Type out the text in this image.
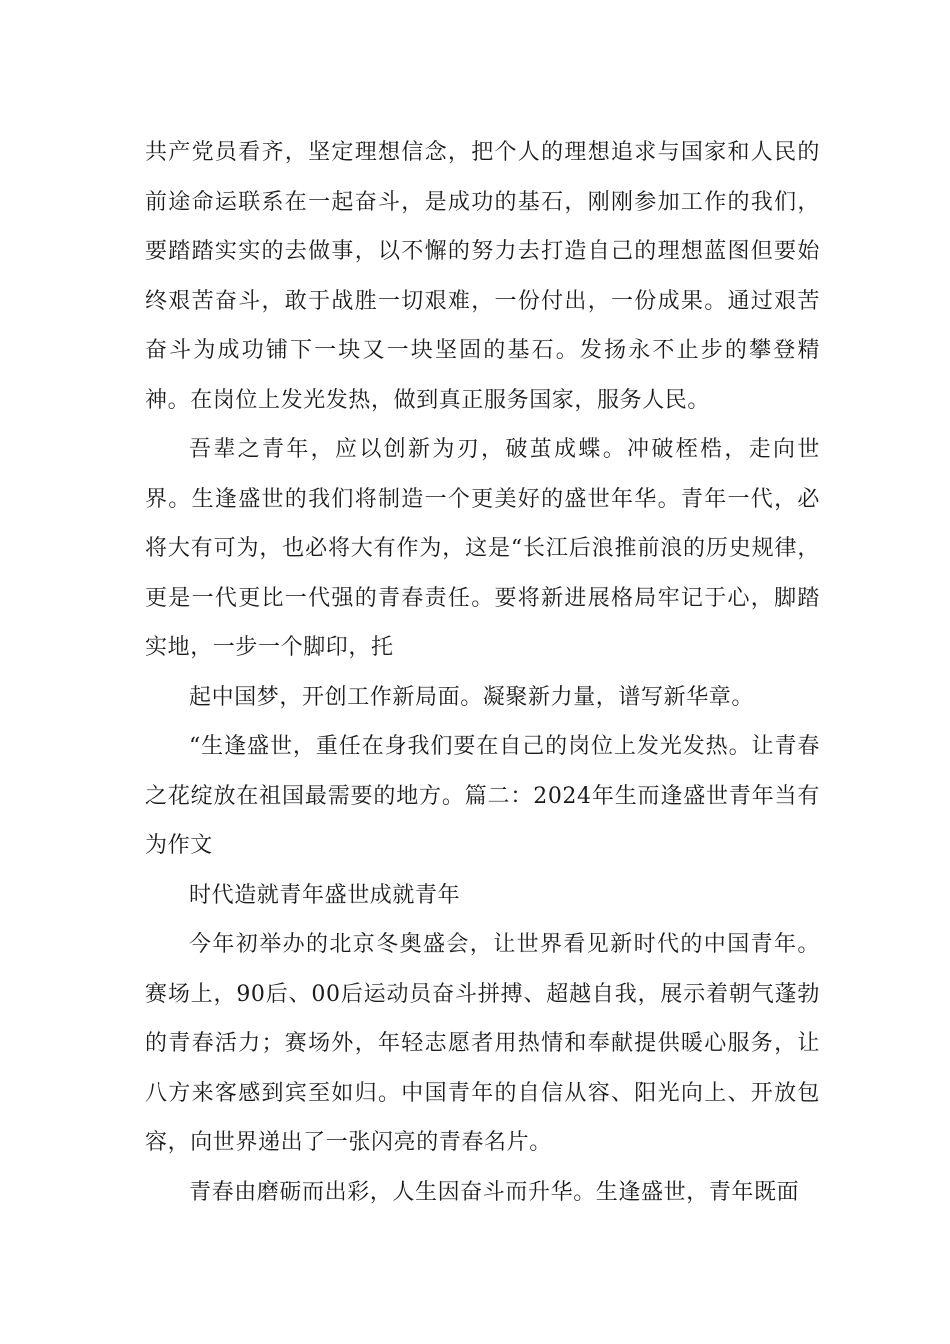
共产党员看齐，坚定理想信念，把个人的理想追求与国家和人民的前途命运联系在一起奋斗，是成功的基石，刚刚参加工作的我们，要踏踏实实的去做事，以不懈的努力去打造自己的理想蓝图但要始终艰苦奋斗，敢于战胜一切艰难，一份付出，一份成果。通过艰苦奋斗为成功铺下一块又一块坚固的基石。发扬永不止步的攀登精神。在岗位上发光发热，做到真正服务国家，服务人民。

吾辈之青年，应以创新为刃，破茧成蝶。冲破桎梏，走向世界。生逢盛世的我们将制造一个更美好的盛世年华。青年一代，必将大有可为，也必将大有作为，这是“长江后浪推前浪的历史规律，更是一代更比一代强的青春责任。要将新进展格局牢记于心，脚踏实地，一步一个脚印，托

起中国梦，开创工作新局面。凝聚新力量，谱写新华章。

“生逢盛世，重任在身我们要在自己的岗位上发光发热。让青春之花绽放在祖国最需要的地方。篇二：2024年生而逢盛世青年当有为作文

时代造就青年盛世成就青年

今年初举办的北京冬奥盛会，让世界看见新时代的中国青年。赛场上，90后、00后运动员奋斗拼搏、超越自我，展示着朝气蓬勃的青春活力；赛场外，年轻志愿者用热情和奉献提供暖心服务，让八方来客感到宾至如归。中国青年的自信从容、阳光向上、开放包容，向世界递出了一张闪亮的青春名片。

青春由磨砺而出彩，人生因奋斗而升华。生逢盛世，青年既面
